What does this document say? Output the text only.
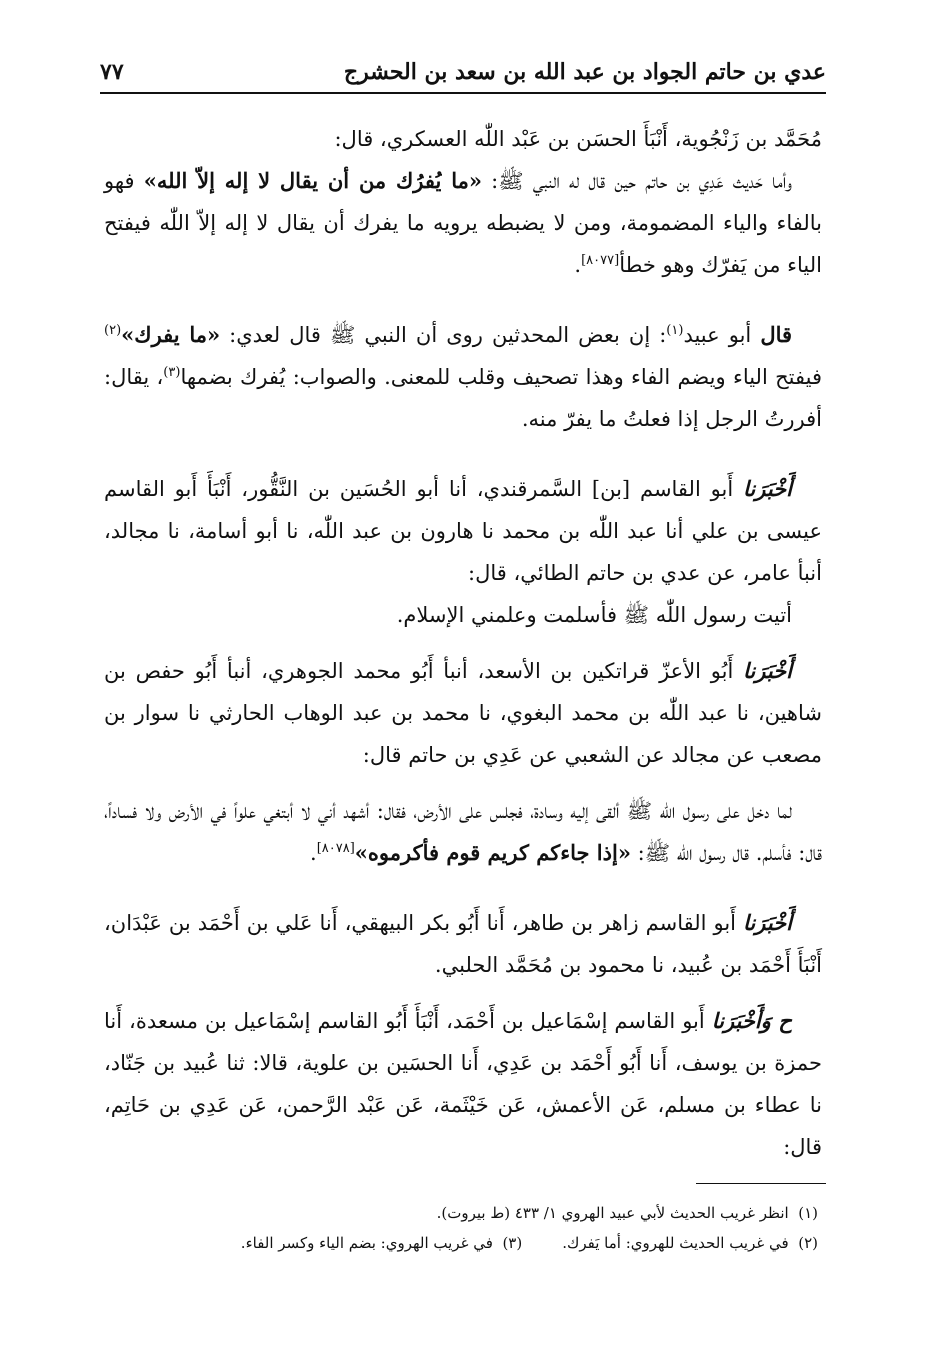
عدي بن حاتم الجواد بن عبد الله بن سعد بن الحشرج
٧٧

مُحَمَّد بن زَنْجُوية، أَنْبَأَ الحسَن بن عَبْد اللّٰه العسكري، قال:

وأما حَديث عَدِي بن حاتم حين قال له النبي ﷺ: «ما يُفرُك من أن يقال لا إله إلاّ الله» فهو بالفاء والياء المضمومة، ومن لا يضبطه يرويه ما يفرك أن يقال لا إله إلاّ اللّٰه فيفتح الياء من يَفرّك وهو خطأ[٨٠٧٧].

قال أبو عبيد$^{(١)}$: إن بعض المحدثين روى أن النبي ﷺ قال لعدي: «ما يفرك»$^{(٢)}$ فيفتح الياء ويضم الفاء وهذا تصحيف وقلب للمعنى. والصواب: يُفرك بضمها$^{(٣)}$، يقال: أفررتُ الرجل إذا فعلتُ ما يفرّ منه.

أَخْبَرَنا أَبو القاسم [بن] السَّمرقندي، أنا أبو الحُسَين بن النَّقُّور، أَنْبَأَ أَبو القاسم عيسى بن علي أنا عبد اللّٰه بن محمد نا هارون بن عبد اللّٰه، نا أبو أسامة، نا مجالد، أنبأ عامر، عن عدي بن حاتم الطائي، قال:

أتيت رسول اللّٰه ﷺ فأسلمت وعلمني الإسلام.

أَخْبَرَنا أَبُو الأعزّ قراتكين بن الأسعد، أنبأ أَبُو محمد الجوهري، أنبأ أَبُو حفص بن شاهين، نا عبد اللّٰه بن محمد البغوي، نا محمد بن عبد الوهاب الحارثي نا سوار بن مصعب عن مجالد عن الشعبي عن عَدِي بن حاتم قال:

لما دخل على رسول اللّٰه ﷺ ألقى إليه وسادة، فجلس على الأرض، فقال: أشهد أني لا أبتغي علواً في الأرض ولا فساداً، قال: فأسلم. قال رسول اللّٰه ﷺ: «إذا جاءكم كريم قوم فأكرموه»[٨٠٧٨].

أَخْبَرَنا أَبو القاسم زاهر بن طاهر، أَنا أَبُو بكر البيهقي، أَنا عَلي بن أَحْمَد بن عَبْدَان، أَنْبَأَ أَحْمَد بن عُبيد، نا محمود بن مُحَمَّد الحلبي.

ح وَأَخْبَرَنا أَبو القاسم إسْمَاعيل بن أَحْمَد، أَنْبَأَ أَبُو القاسم إسْمَاعيل بن مسعدة، أَنا حمزة بن يوسف، أَنا أَبُو أَحْمَد بن عَدِي، أَنا الحسَين بن علوية، قالا: ثنا عُبيد بن جَنّاد، نا عطاء بن مسلم، عَن الأعمش، عَن خَيْثَمة، عَن عَبْد الرَّحمن، عَن عَدِي بن حَاتِم، قال:

(١)  انظر غريب الحديث لأبي عبيد الهروي ١/ ٤٣٣ (ط بيروت).
(٢)  في غريب الحديث للهروي: أما يَفرك.
(٣)  في غريب الهروي: بضم الياء وكسر الفاء.
